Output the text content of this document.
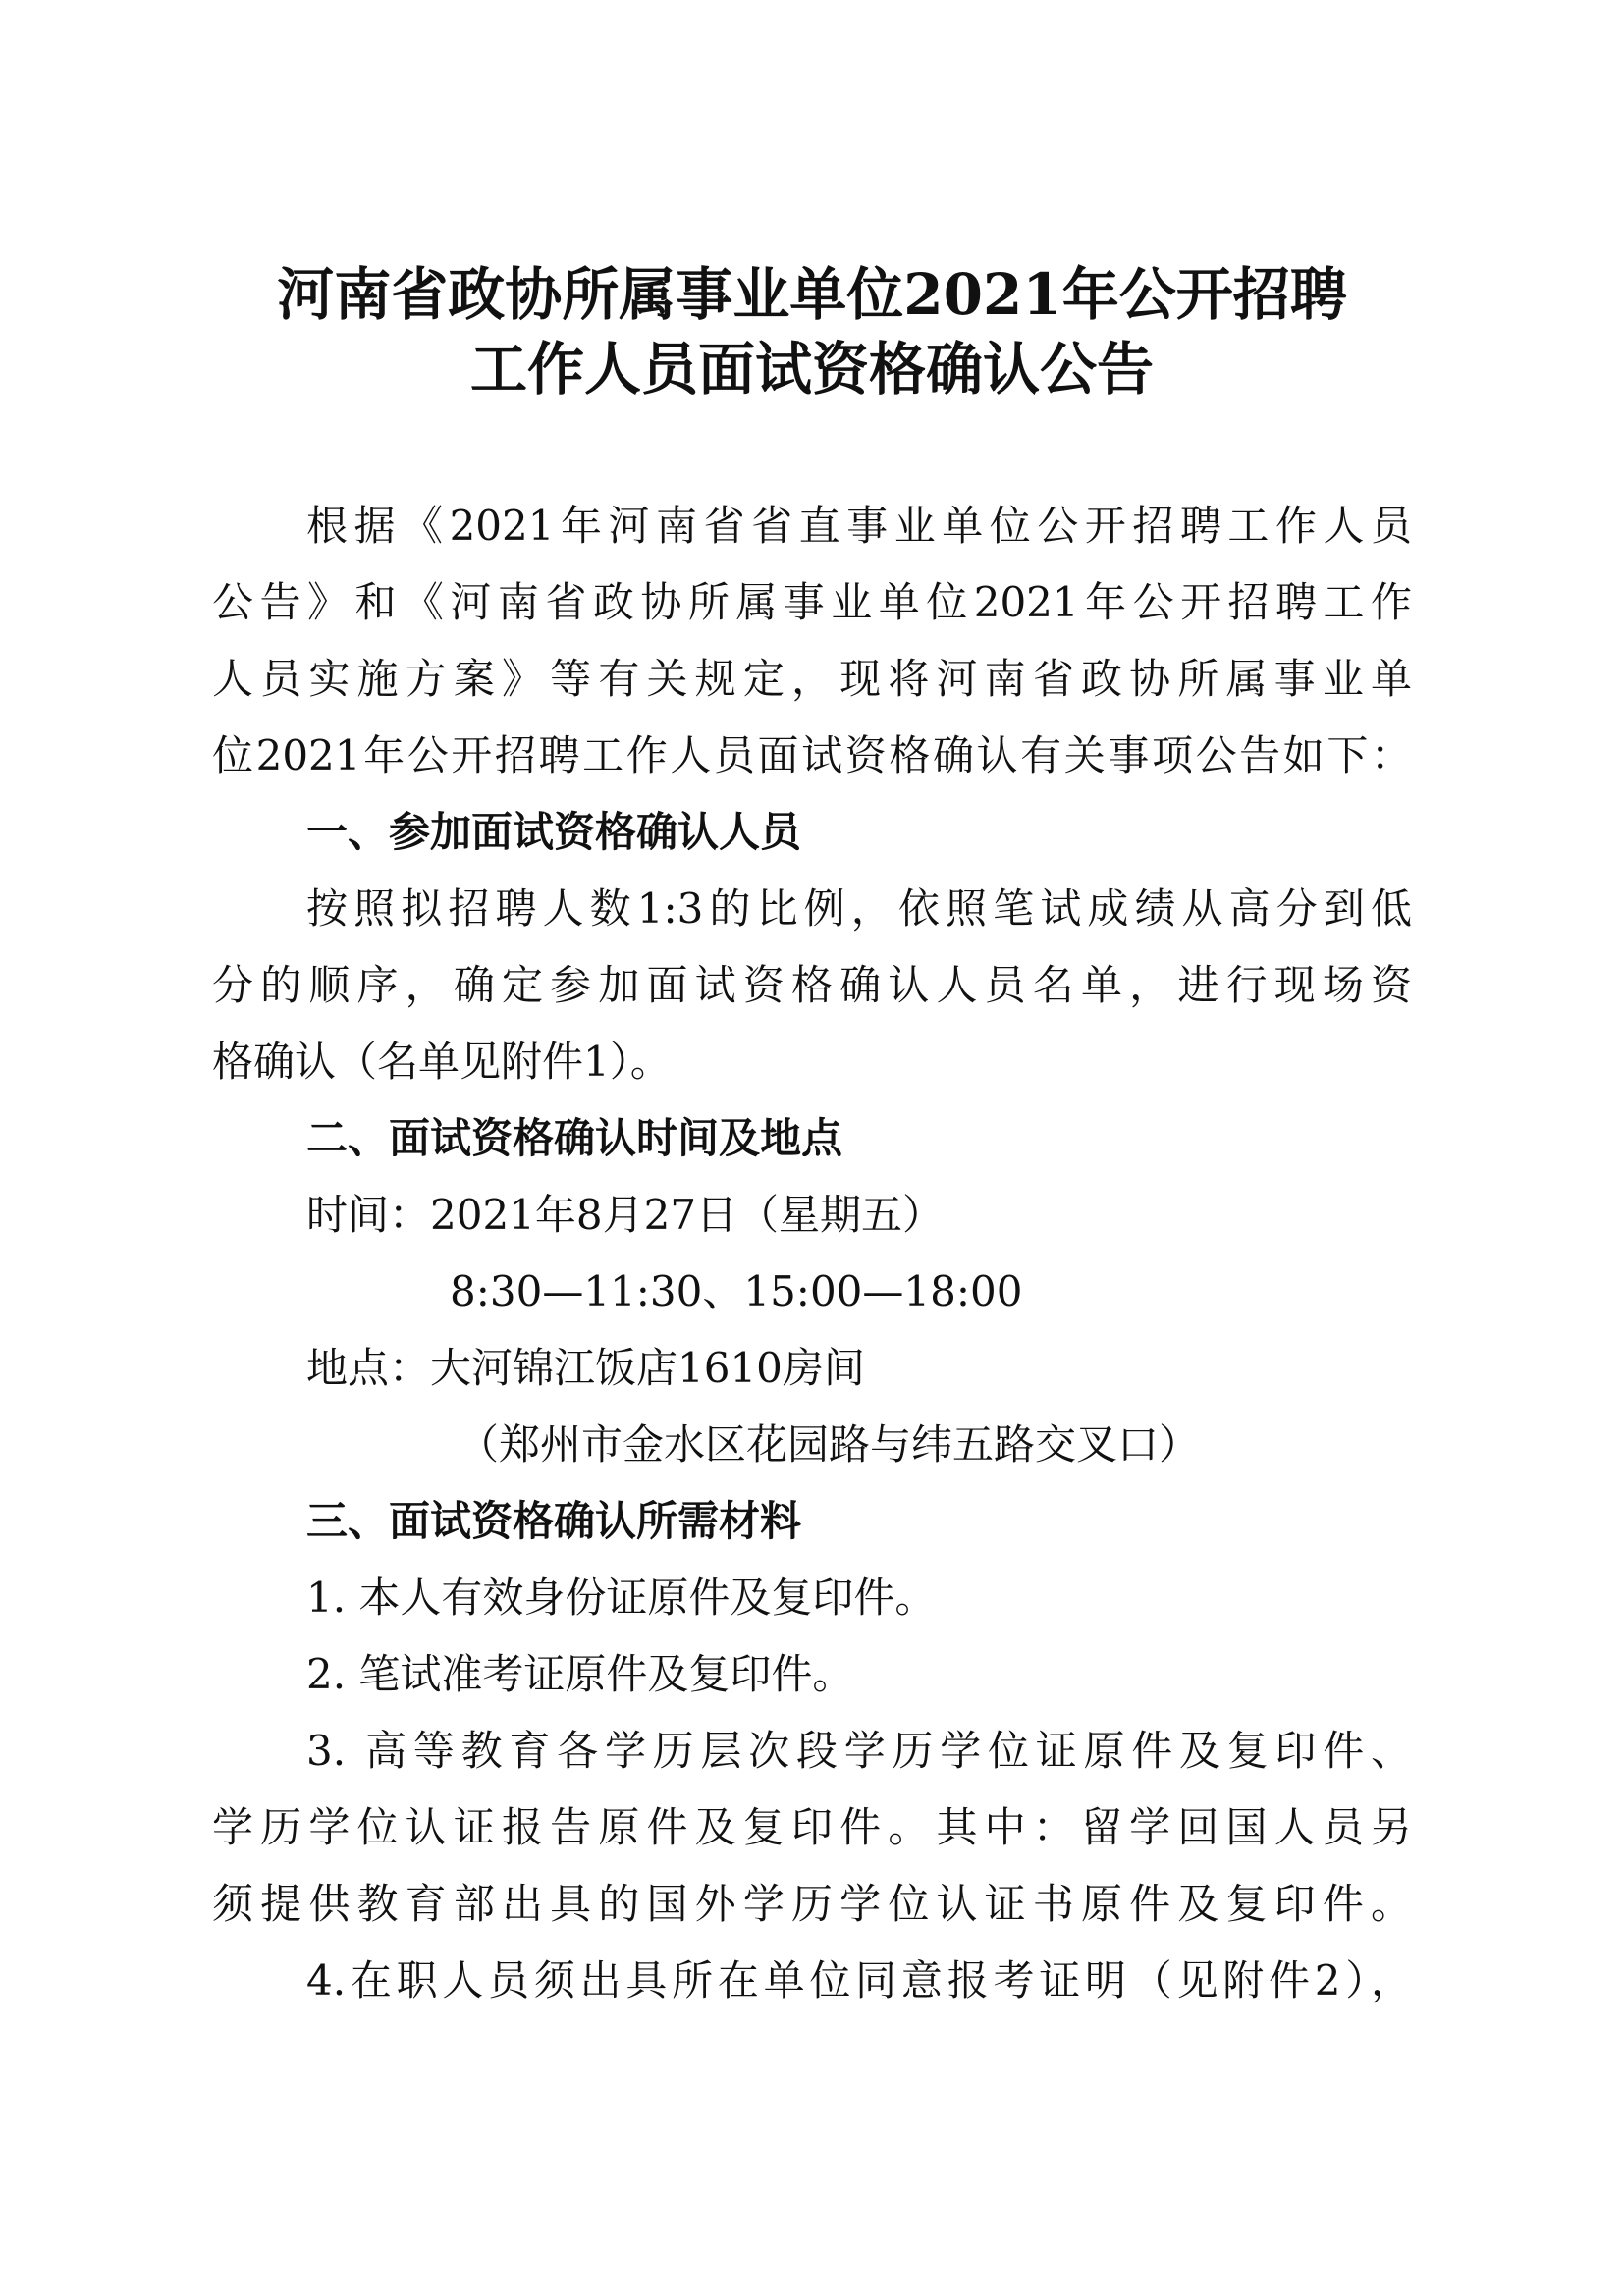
河南省政协所属事业单位2021年公开招聘
工作人员面试资格确认公告
根据《2021年河南省省直事业单位公开招聘工作人员
公告》和《河南省政协所属事业单位2021年公开招聘工作
人员实施方案》等有关规定，现将河南省政协所属事业单
位2021年公开招聘工作人员面试资格确认有关事项公告如下：
一、参加面试资格确认人员
按照拟招聘人数1:3的比例，依照笔试成绩从高分到低
分的顺序，确定参加面试资格确认人员名单，进行现场资
格确认（名单见附件1）。
二、面试资格确认时间及地点
时间：2021年8月27日（星期五）
8:30—11:30、15:00—18:00
地点：大河锦江饭店1610房间
（郑州市金水区花园路与纬五路交叉口）
三、面试资格确认所需材料
1. 本人有效身份证原件及复印件。
2. 笔试准考证原件及复印件。
3. 高等教育各学历层次段学历学位证原件及复印件、
学历学位认证报告原件及复印件。其中：留学回国人员另
须提供教育部出具的国外学历学位认证书原件及复印件。
4.在职人员须出具所在单位同意报考证明（见附件2），
